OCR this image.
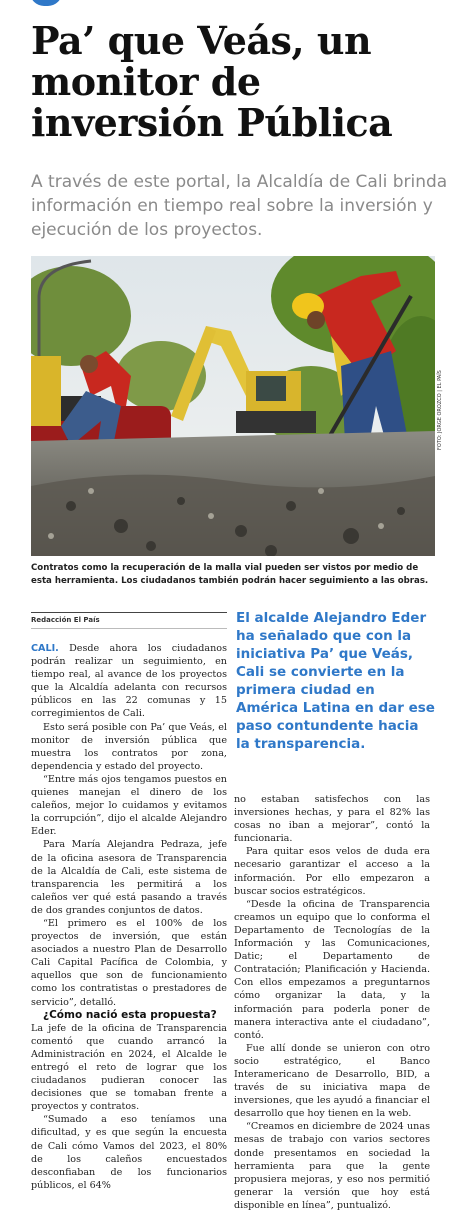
Pa’ que Veás, un monitor de inversión Pública

A través de este portal, la Alcaldía de Cali brinda información en tiempo real sobre la inversión y ejecución de los proyectos.

FOTO: JORGE OROZCO | EL PAÍS

Contratos como la recuperación de la malla vial pueden ser vistos por medio de esta herramienta. Los ciudadanos también podrán hacer seguimiento a las obras.

Redacción El País	El alcalde Alejandro Eder ha señalado que con la iniciativa Pa’ que Veás, Cali se convierte en la primera ciudad en América Latina en dar ese paso contundente hacia la transparencia.

CALI. Desde ahora los ciudadanos podrán realizar un seguimiento, en tiempo real, al avance de los proyectos que la Alcaldía adelanta con recursos públicos en las 22 comunas y 15 corregimientos de Cali.

Esto será posible con Pa’ que Veás, el monitor de inversión pública que muestra los contratos por zona, dependencia y estado del proyecto.

“Entre más ojos tengamos puestos en quienes manejan el dinero de los caleños, mejor lo cuidamos y evitamos la corrupción”, dijo el alcalde Alejandro Eder.

Para María Alejandra Pedraza, jefe de la oficina asesora de Transparencia de la Alcaldía de Cali, este sistema de transparencia les permitirá a los caleños ver qué está pasando a través de dos grandes conjuntos de datos.

“El primero es el 100% de los proyectos de inversión, que están asociados a nuestro Plan de Desarrollo Cali Capital Pacífica de Colombia, y aquellos que son de funcionamiento como los contratistas o prestadores de servicio”, detalló.

¿Cómo nació esta propuesta?

La jefe de la oficina de Transparencia comentó que cuando arrancó la Administración en 2024, el Alcalde le entregó el reto de lograr que los ciudadanos pudieran conocer las decisiones que se tomaban frente a proyectos y contratos.

“Sumado a eso teníamos una dificultad, y es que según la encuesta de Cali cómo Vamos del 2023, el 80% de los caleños encuestados desconfiaban de los funcionarios públicos, el 64%

no estaban satisfechos con las inversiones hechas, y para el 82% las cosas no iban a mejorar”, contó la funcionaria.

Para quitar esos velos de duda era necesario garantizar el acceso a la información. Por ello empezaron a buscar socios estratégicos.

“Desde la oficina de Transparencia creamos un equipo que lo conforma el Departamento de Tecnologías de la Información y las Comunicaciones, Datic; el Departamento de Contratación; Planificación y Hacienda. Con ellos empezamos a preguntarnos cómo organizar la data, y la información para poderla poner de manera interactiva ante el ciudadano”, contó.

Fue allí donde se unieron con otro socio estratégico, el Banco Interamericano de Desarrollo, BID, a través de su iniciativa mapa de inversiones, que les ayudó a financiar el desarrollo que hoy tienen en la web.

“Creamos en diciembre de 2024 unas mesas de trabajo con varios sectores donde presentamos en sociedad la herramienta para que la gente propusiera mejoras, y eso nos permitió generar la versión que hoy está disponible en línea”, puntualizó.
